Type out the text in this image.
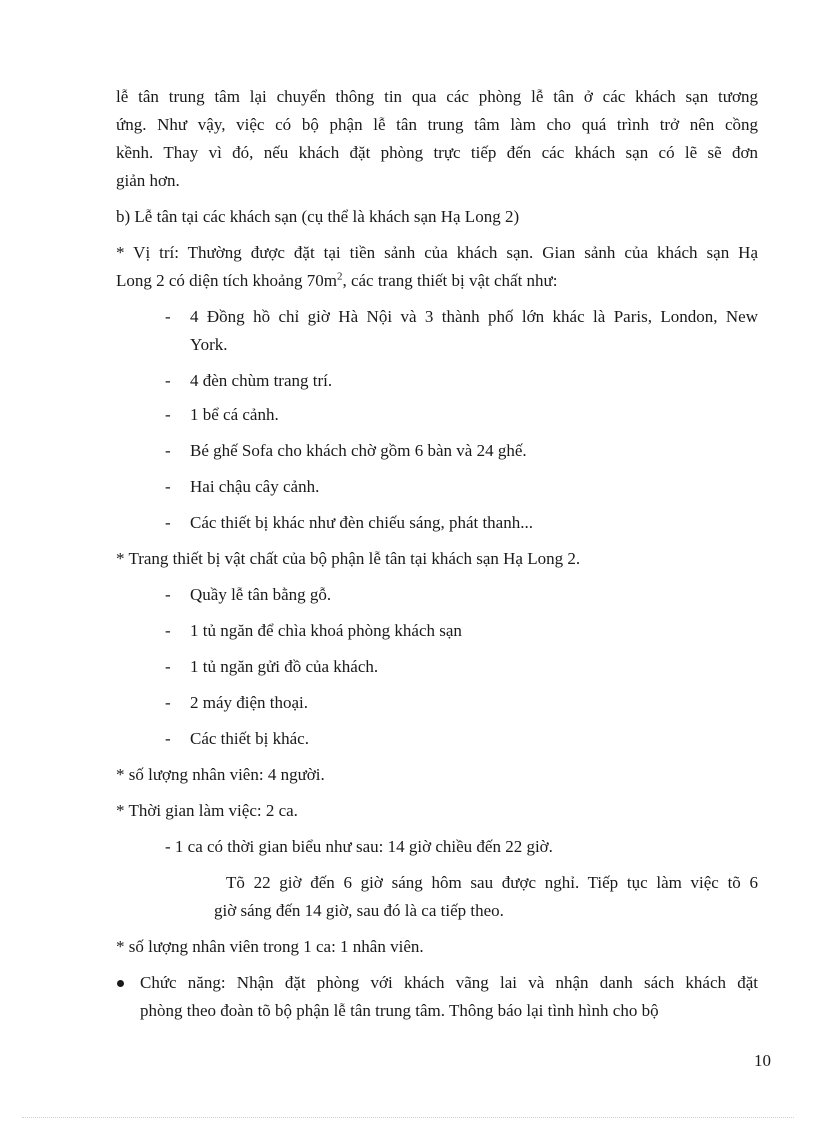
lễ tân trung tâm lại chuyển thông tin qua các phòng lễ tân ở các khách sạn tương
ứng. Như vậy, việc có bộ phận lễ tân trung tâm làm cho quá trình trở nên cồng
kềnh. Thay vì đó, nếu khách đặt phòng trực tiếp đến các khách sạn có lẽ sẽ đơn
giản hơn.
b) Lễ tân tại các khách sạn (cụ thể là khách sạn Hạ Long 2)
* Vị trí: Thường được đặt tại tiền sảnh của khách sạn. Gian sảnh của khách sạn Hạ
Long 2 có diện tích khoảng $70m^2$, các trang thiết bị vật chất như:
- 4 Đồng hồ chỉ giờ Hà Nội và 3 thành phố lớn khác là Paris, London, New
York.
- 4 đèn chùm trang trí.
- 1 bể cá cảnh.
- Bé ghế Sofa cho khách chờ gồm 6 bàn và 24 ghế.
- Hai chậu cây cảnh.
- Các thiết bị khác như đèn chiếu sáng, phát thanh...
* Trang thiết bị vật chất của bộ phận lễ tân tại khách sạn Hạ Long 2.
- Quầy lễ tân bằng gỗ.
- 1 tủ ngăn để chìa khoá phòng khách sạn
- 1 tủ ngăn gửi đồ của khách.
- 2 máy điện thoại.
- Các thiết bị khác.
* số lượng nhân viên: 4 người.
* Thời gian làm việc: 2 ca.
- 1 ca có thời gian biểu như sau: 14 giờ chiều đến 22 giờ.
Tõ 22 giờ đến 6 giờ sáng hôm sau được nghỉ. Tiếp tục làm việc tõ 6
giờ sáng đến 14 giờ, sau đó là ca tiếp theo.
* số lượng nhân viên trong 1 ca: 1 nhân viên.
Chức năng: Nhận đặt phòng với khách vãng lai và nhận danh sách khách đặt
phòng theo đoàn tõ bộ phận lễ tân trung tâm. Thông báo lại tình hình cho bộ
10
